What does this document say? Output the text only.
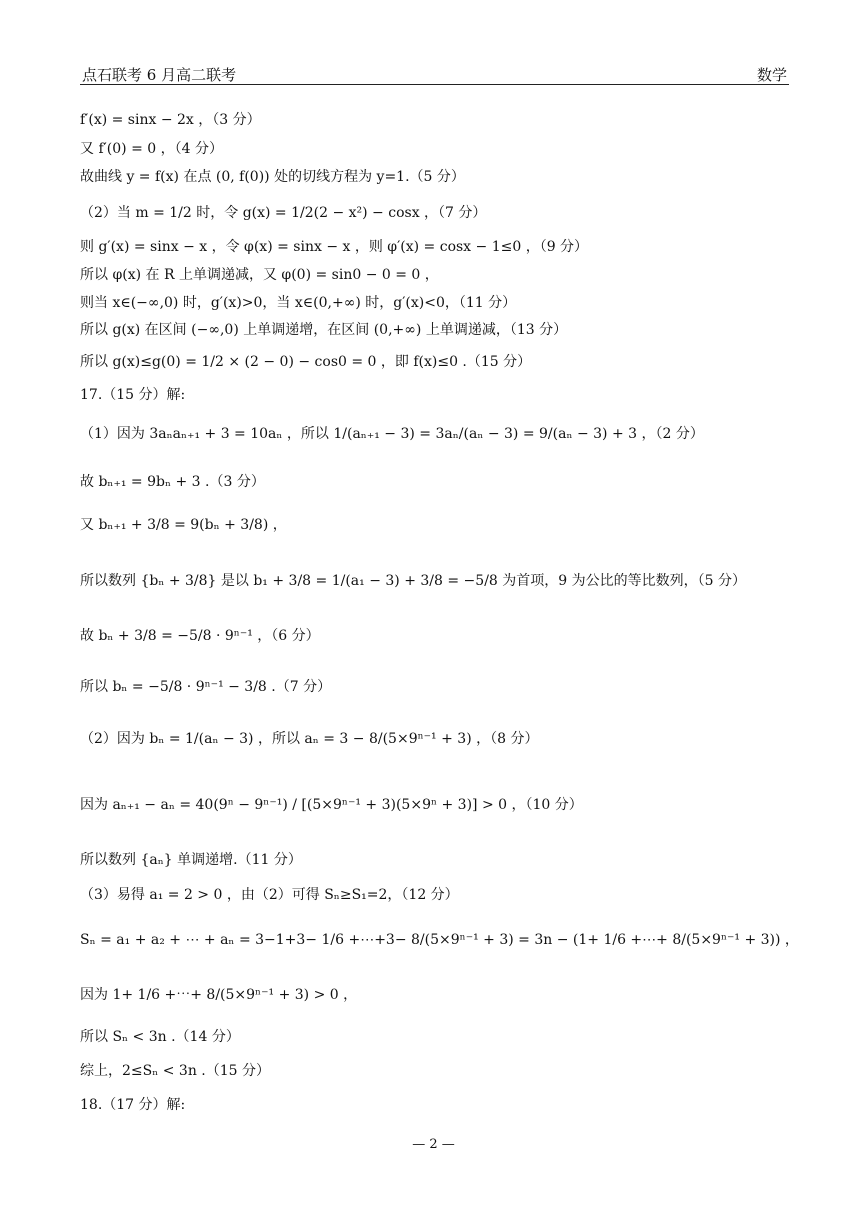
点石联考 6 月高二联考	数学
f′(x) = sinx − 2x ，（3 分）
又 f′(0) = 0 ，（4 分）
故曲线 y = f(x) 在点 (0, f(0)) 处的切线方程为 y=1.（5 分）
（2）当 m = 1/2 时，令 g(x) = 1/2(2 − x²) − cosx ，（7 分）
则 g′(x) = sinx − x ，令 φ(x) = sinx − x ，则 φ′(x) = cosx − 1≤0 ，（9 分）
所以 φ(x) 在 R 上单调递减，又 φ(0) = sin0 − 0 = 0 ，
则当 x∈(−∞,0) 时，g′(x)>0，当 x∈(0,+∞) 时，g′(x)<0，（11 分）
所以 g(x) 在区间 (−∞,0) 上单调递增，在区间 (0,+∞) 上单调递减，（13 分）
所以 g(x)≤g(0) = 1/2 × (2 − 0) − cos0 = 0 ，即 f(x)≤0 .（15 分）
17.（15 分）解:
（1）因为 3aₙaₙ₊₁ + 3 = 10aₙ ，所以 1/(aₙ₊₁ − 3) = 3aₙ/(aₙ − 3) = 9/(aₙ − 3) + 3 ，（2 分）
故 bₙ₊₁ = 9bₙ + 3 .（3 分）
又 bₙ₊₁ + 3/8 = 9(bₙ + 3/8) ，
所以数列 {bₙ + 3/8} 是以 b₁ + 3/8 = 1/(a₁ − 3) + 3/8 = −5/8 为首项，9 为公比的等比数列，（5 分）
故 bₙ + 3/8 = −5/8 · 9ⁿ⁻¹ ，（6 分）
所以 bₙ = −5/8 · 9ⁿ⁻¹ − 3/8 .（7 分）
（2）因为 bₙ = 1/(aₙ − 3) ，所以 aₙ = 3 − 8/(5×9ⁿ⁻¹ + 3) ，（8 分）
因为 aₙ₊₁ − aₙ = 40(9ⁿ − 9ⁿ⁻¹) / [(5×9ⁿ⁻¹ + 3)(5×9ⁿ + 3)] > 0 ，（10 分）
所以数列 {aₙ} 单调递增.（11 分）
（3）易得 a₁ = 2 > 0 ，由（2）可得 Sₙ≥S₁=2，（12 分）
Sₙ = a₁ + a₂ + ⋯ + aₙ = 3−1+3− 1/6 +⋯+3− 8/(5×9ⁿ⁻¹ + 3) = 3n − (1+ 1/6 +⋯+ 8/(5×9ⁿ⁻¹ + 3)) ，
因为 1+ 1/6 +⋯+ 8/(5×9ⁿ⁻¹ + 3) > 0 ，
所以 Sₙ < 3n .（14 分）
综上，2≤Sₙ < 3n .（15 分）
18.（17 分）解:
— 2 —
